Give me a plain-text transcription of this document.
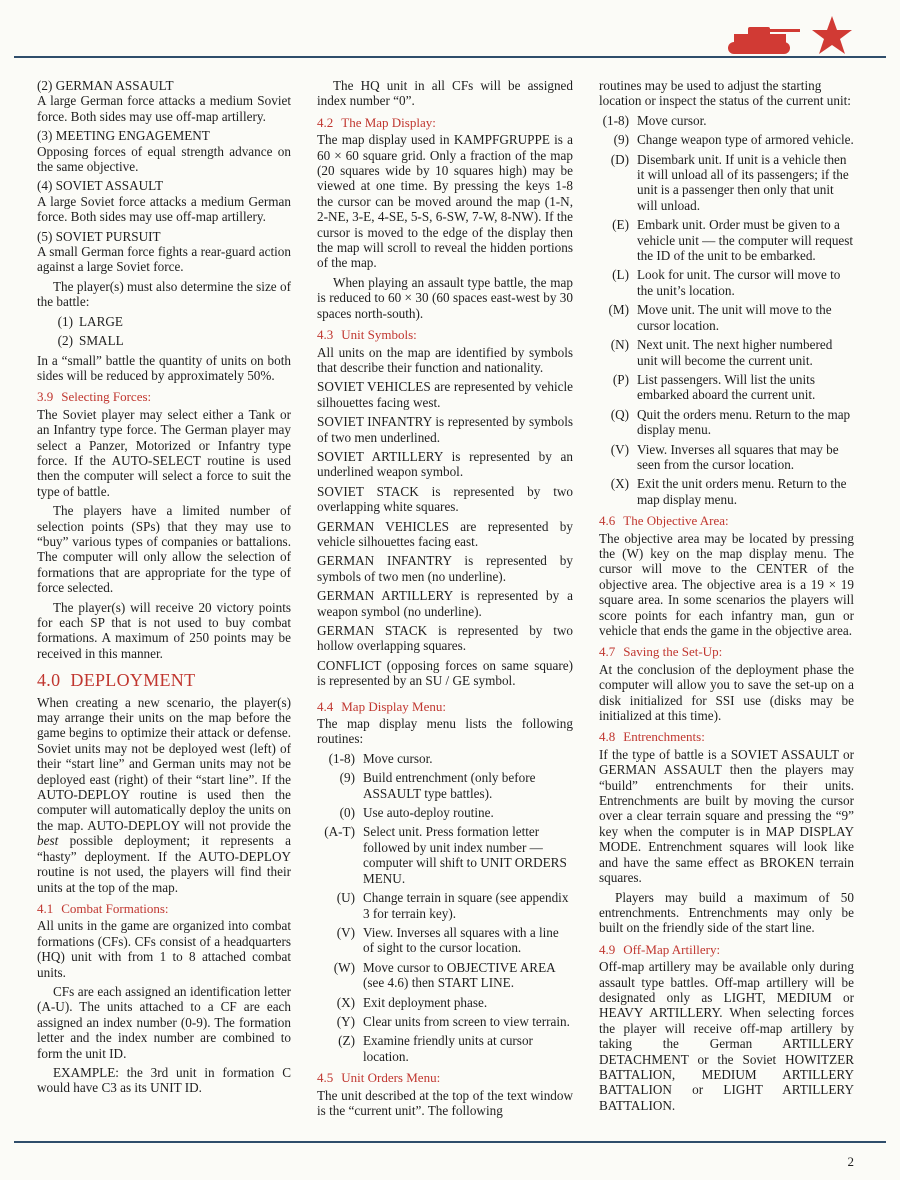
(2) GERMAN ASSAULT

A large German force attacks a medium Soviet force. Both sides may use off-map artillery.

(3) MEETING ENGAGEMENT

Opposing forces of equal strength advance on the same objective.

(4) SOVIET ASSAULT

A large Soviet force attacks a medium German force. Both sides may use off-map artillery.

(5) SOVIET PURSUIT

A small German force fights a rear-guard action against a large Soviet force.

The player(s) must also determine the size of the battle:

(1) LARGE
(2) SMALL

In a “small” battle the quantity of units on both sides will be reduced by approximately 50%.

3.9 Selecting Forces:

The Soviet player may select either a Tank or an Infantry type force. The German player may select a Panzer, Motorized or Infantry type force. If the AUTO-SELECT routine is used then the computer will select a force to suit the type of battle.

The players have a limited number of selection points (SPs) that they may use to “buy” various types of companies or battalions. The computer will only allow the selection of formations that are appropriate for the type of force selected.

The player(s) will receive 20 victory points for each SP that is not used to buy combat formations. A maximum of 250 points may be received in this manner.

4.0 DEPLOYMENT

When creating a new scenario, the player(s) may arrange their units on the map before the game begins to optimize their attack or defense. Soviet units may not be deployed west (left) of their “start line” and German units may not be deployed east (right) of their “start line”. If the AUTO-DEPLOY routine is used then the computer will automatically deploy the units on the map. AUTO-DEPLOY will not provide the best possible deployment; it represents a “hasty” deployment. If the AUTO-DEPLOY routine is not used, the players will find their units at the top of the map.

4.1 Combat Formations:

All units in the game are organized into combat formations (CFs). CFs consist of a headquarters (HQ) unit with from 1 to 8 attached combat units.

CFs are each assigned an identification letter (A-U). The units attached to a CF are each assigned an index number (0-9). The formation letter and the index number are combined to form the unit ID.

EXAMPLE: the 3rd unit in formation C would have C3 as its UNIT ID.

The HQ unit in all CFs will be assigned index number “0”.

4.2 The Map Display:

The map display used in KAMPFGRUPPE is a 60 × 60 square grid. Only a fraction of the map (20 squares wide by 10 squares high) may be viewed at one time. By pressing the keys 1-8 the cursor can be moved around the map (1-N, 2-NE, 3-E, 4-SE, 5-S, 6-SW, 7-W, 8-NW). If the cursor is moved to the edge of the display then the map will scroll to reveal the hidden portions of the map.

When playing an assault type battle, the map is reduced to 60 × 30 (60 spaces east-west by 30 spaces north-south).

4.3 Unit Symbols:

All units on the map are identified by symbols that describe their function and nationality.

SOVIET VEHICLES are represented by vehicle silhouettes facing west.

SOVIET INFANTRY is represented by symbols of two men underlined.

SOVIET ARTILLERY is represented by an underlined weapon symbol.

SOVIET STACK is represented by two overlapping white squares.

GERMAN VEHICLES are represented by vehicle silhouettes facing east.

GERMAN INFANTRY is represented by symbols of two men (no underline).

GERMAN ARTILLERY is represented by a weapon symbol (no underline).

GERMAN STACK is represented by two hollow overlapping squares.

CONFLICT (opposing forces on same square) is represented by an SU / GE symbol.

4.4 Map Display Menu:

The map display menu lists the following routines:

(1-8) Move cursor.
(9) Build entrenchment (only before ASSAULT type battles).
(0) Use auto-deploy routine.
(A-T) Select unit. Press formation letter followed by unit index number — computer will shift to UNIT ORDERS MENU.
(U) Change terrain in square (see appendix 3 for terrain key).
(V) View. Inverses all squares with a line of sight to the cursor location.
(W) Move cursor to OBJECTIVE AREA (see 4.6) then START LINE.
(X) Exit deployment phase.
(Y) Clear units from screen to view terrain.
(Z) Examine friendly units at cursor location.
4.5 Unit Orders Menu:

The unit described at the top of the text window is the “current unit”. The following

routines may be used to adjust the starting location or inspect the status of the current unit:

(1-8) Move cursor.
(9) Change weapon type of armored vehicle.
(D) Disembark unit. If unit is a vehicle then it will unload all of its passengers; if the unit is a passenger then only that unit will unload.
(E) Embark unit. Order must be given to a vehicle unit — the computer will request the ID of the unit to be embarked.
(L) Look for unit. The cursor will move to the unit’s location.
(M) Move unit. The unit will move to the cursor location.
(N) Next unit. The next higher numbered unit will become the current unit.
(P) List passengers. Will list the units embarked aboard the current unit.
(Q) Quit the orders menu. Return to the map display menu.
(V) View. Inverses all squares that may be seen from the cursor location.
(X) Exit the unit orders menu. Return to the map display menu.
4.6 The Objective Area:

The objective area may be located by pressing the (W) key on the map display menu. The cursor will move to the CENTER of the objective area. The objective area is a 19 × 19 square area. In some scenarios the players will score points for each infantry man, gun or vehicle that ends the game in the objective area.

4.7 Saving the Set-Up:

At the conclusion of the deployment phase the computer will allow you to save the set-up on a disk initialized for SSI use (disks may be initialized at this time).

4.8 Entrenchments:

If the type of battle is a SOVIET ASSAULT or GERMAN ASSAULT then the players may “build” entrenchments for their units. Entrenchments are built by moving the cursor over a clear terrain square and pressing the “9” key when the computer is in MAP DISPLAY MODE. Entrenchment squares will look like and have the same effect as BROKEN terrain squares.

Players may build a maximum of 50 entrenchments. Entrenchments may only be built on the friendly side of the start line.

4.9 Off-Map Artillery:

Off-map artillery may be available only during assault type battles. Off-map artillery will be designated only as LIGHT, MEDIUM or HEAVY ARTILLERY. When selecting forces the player will receive off-map artillery by taking the German ARTILLERY DETACHMENT or the Soviet HOWITZER BATTALION, MEDIUM ARTILLERY BATTALION or LIGHT ARTILLERY BATTALION.

2
